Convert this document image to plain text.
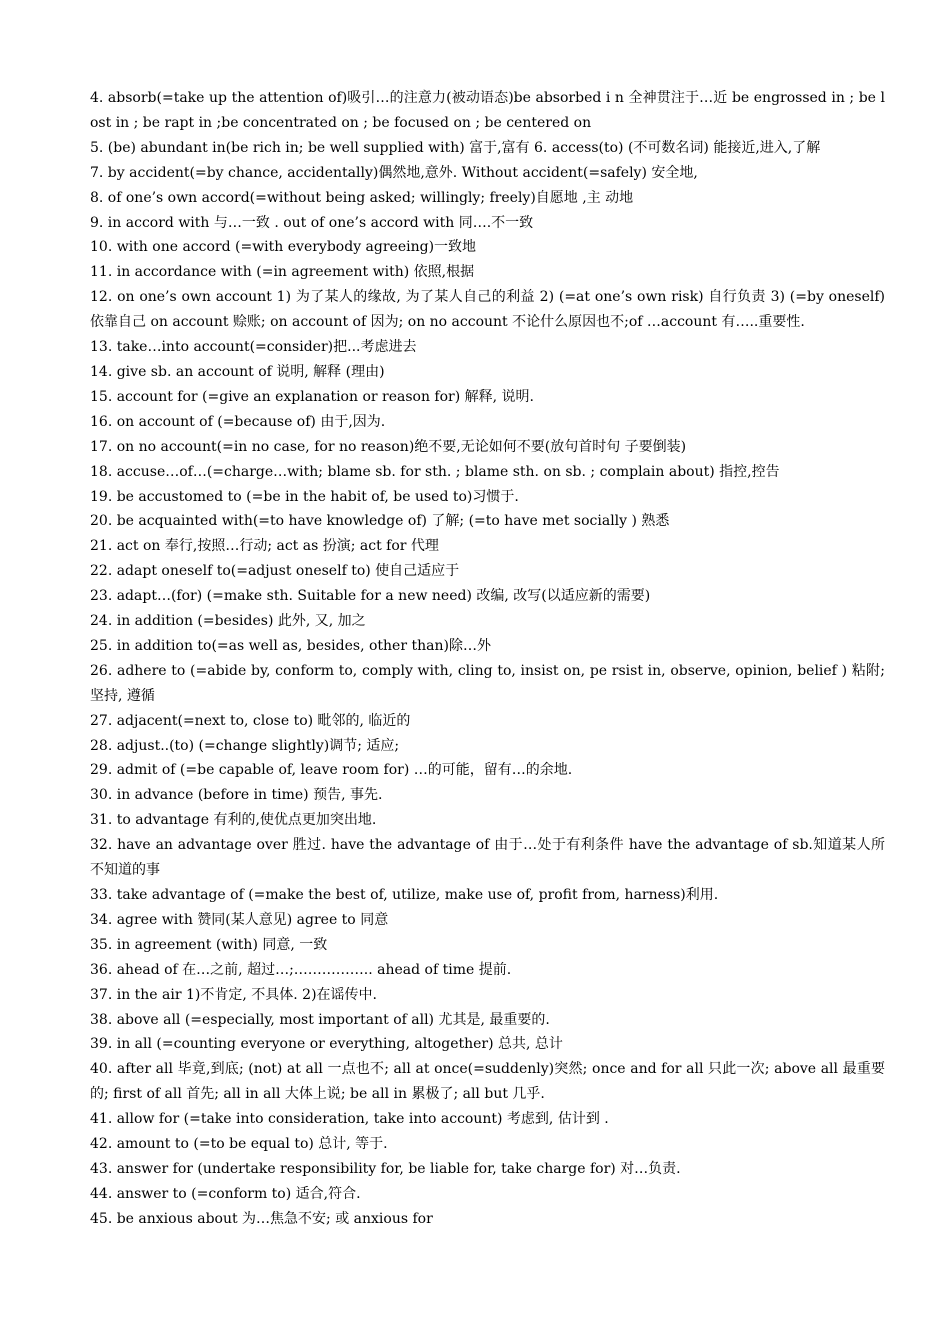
4. absorb(=take up the attention of)吸引…的注意力(被动语态)be absorbed i n 全神贯注于…近 be engrossed in ; be lost in ; be rapt in ;be concentrated on ; be focused on ; be centered on

5. (be) abundant in(be rich in; be well supplied with) 富于,富有 6. access(to) (不可数名词) 能接近,进入,了解

7. by accident(=by chance, accidentally)偶然地,意外. Without accident(=safely) 安全地,

8. of one’s own accord(=without being asked; willingly; freely)自愿地 ,主 动地

9. in accord with 与…一致 . out of one’s accord with 同….不一致

10. with one accord (=with everybody agreeing)一致地

11. in accordance with (=in agreement with) 依照,根据

12. on one’s own account 1) 为了某人的缘故, 为了某人自己的利益 2) (=at one’s own risk) 自行负责 3) (=by oneself)依靠自己 on account 赊账; on account of 因为; on no account 不论什么原因也不;of …account 有…..重要性.

13. take…into account(=consider)把...考虑进去

14. give sb. an account of 说明, 解释 (理由)

15. account for (=give an explanation or reason for) 解释, 说明.

16. on account of (=because of) 由于,因为.

17. on no account(=in no case, for no reason)绝不要,无论如何不要(放句首时句 子要倒装)

18. accuse…of…(=charge…with; blame sb. for sth. ; blame sth. on sb. ; complain about) 指控,控告

19. be accustomed to (=be in the habit of, be used to)习惯于.

20. be acquainted with(=to have knowledge of) 了解; (=to have met socially ) 熟悉

21. act on 奉行,按照…行动; act as 扮演; act for 代理

22. adapt oneself to(=adjust oneself to) 使自己适应于

23. adapt…(for) (=make sth. Suitable for a new need) 改编, 改写(以适应新的需要)

24. in addition (=besides) 此外, 又, 加之

25. in addition to(=as well as, besides, other than)除…外

26. adhere to (=abide by, conform to, comply with, cling to, insist on, pe rsist in, observe, opinion, belief ) 粘附; 坚持, 遵循

27. adjacent(=next to, close to) 毗邻的, 临近的

28. adjust..(to) (=change slightly)调节; 适应;

29. admit of (=be capable of, leave room for) …的可能，留有…的余地.

30. in advance (before in time) 预告, 事先.

31. to advantage 有利的,使优点更加突出地.

32. have an advantage over 胜过. have the advantage of 由于…处于有利条件 have the advantage of sb.知道某人所不知道的事

33. take advantage of (=make the best of, utilize, make use of, profit from, harness)利用.

34. agree with 赞同(某人意见) agree to 同意

35. in agreement (with) 同意, 一致

36. ahead of 在…之前, 超过…;…………….. ahead of time 提前.

37. in the air 1)不肯定, 不具体. 2)在谣传中.

38. above all (=especially, most important of all) 尤其是, 最重要的.

39. in all (=counting everyone or everything, altogether) 总共, 总计

40. after all 毕竟,到底; (not) at all 一点也不; all at once(=suddenly)突然; once and for all 只此一次; above all 最重要的; first of all 首先; all in all 大体上说; be all in 累极了; all but 几乎.

41. allow for (=take into consideration, take into account) 考虑到, 估计到 .

42. amount to (=to be equal to) 总计, 等于.

43. answer for (undertake responsibility for, be liable for, take charge for) 对…负责.

44. answer to (=conform to) 适合,符合.

45. be anxious about 为…焦急不安; 或 anxious for
